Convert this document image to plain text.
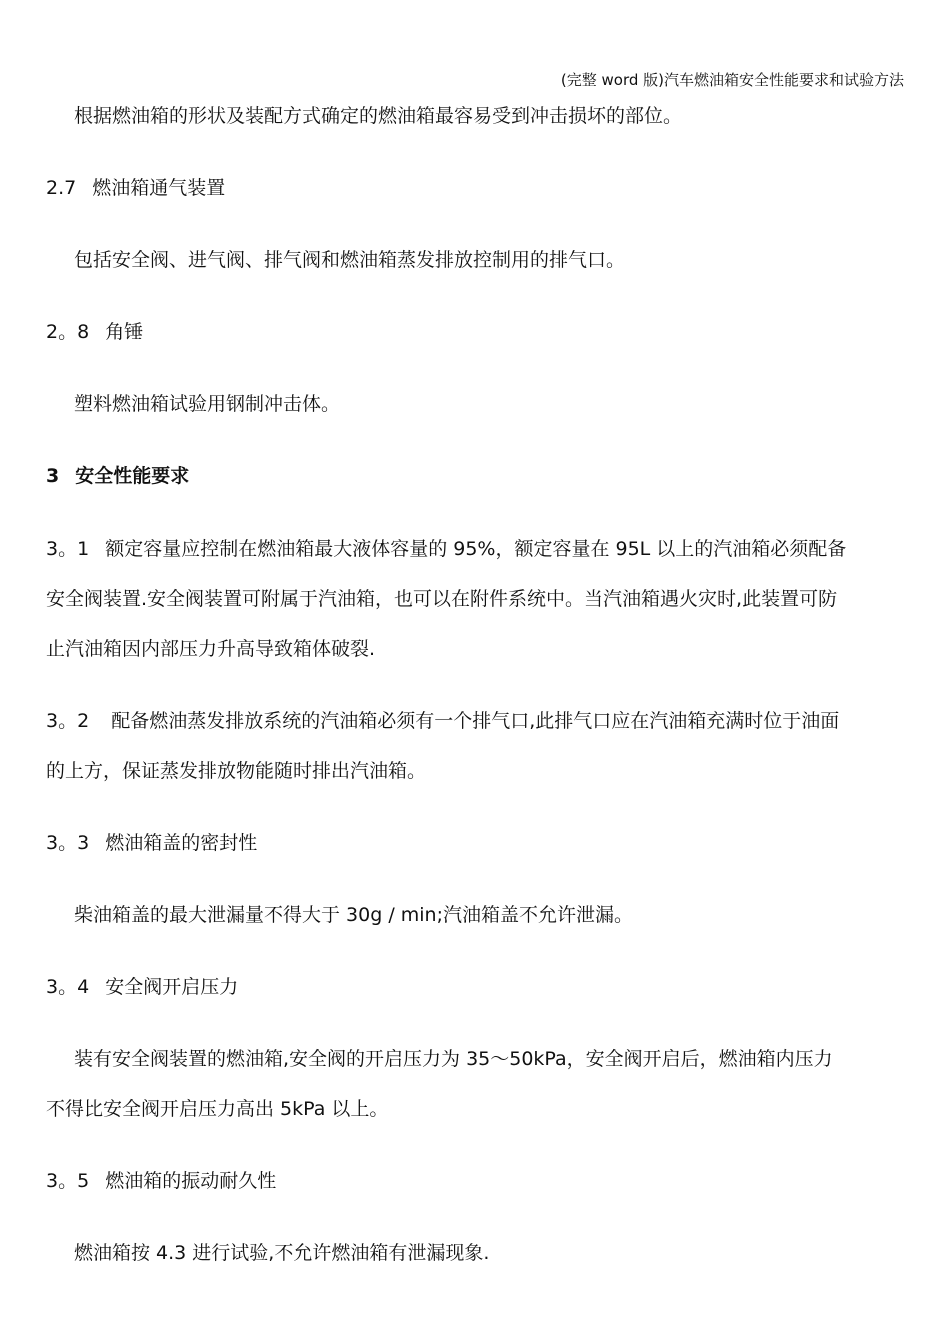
(完整 word 版)汽车燃油箱安全性能要求和试验方法
根据燃油箱的形状及装配方式确定的燃油箱最容易受到冲击损坏的部位。
2.7 燃油箱通气装置
包括安全阀、进气阀、排气阀和燃油箱蒸发排放控制用的排气口。
2。8 角锤
塑料燃油箱试验用钢制冲击体。
3 安全性能要求
3。1 额定容量应控制在燃油箱最大液体容量的 95%，额定容量在 95L 以上的汽油箱必须配备
安全阀装置.安全阀装置可附属于汽油箱，也可以在附件系统中。当汽油箱遇火灾时,此装置可防
止汽油箱因内部压力升高导致箱体破裂.
3。2 配备燃油蒸发排放系统的汽油箱必须有一个排气口,此排气口应在汽油箱充满时位于油面
的上方，保证蒸发排放物能随时排出汽油箱。
3。3 燃油箱盖的密封性
柴油箱盖的最大泄漏量不得大于 30g / min;汽油箱盖不允许泄漏。
3。4 安全阀开启压力
装有安全阀装置的燃油箱,安全阀的开启压力为 35～50kPa，安全阀开启后，燃油箱内压力
不得比安全阀开启压力高出 5kPa 以上。
3。5 燃油箱的振动耐久性
燃油箱按 4.3 进行试验,不允许燃油箱有泄漏现象.
